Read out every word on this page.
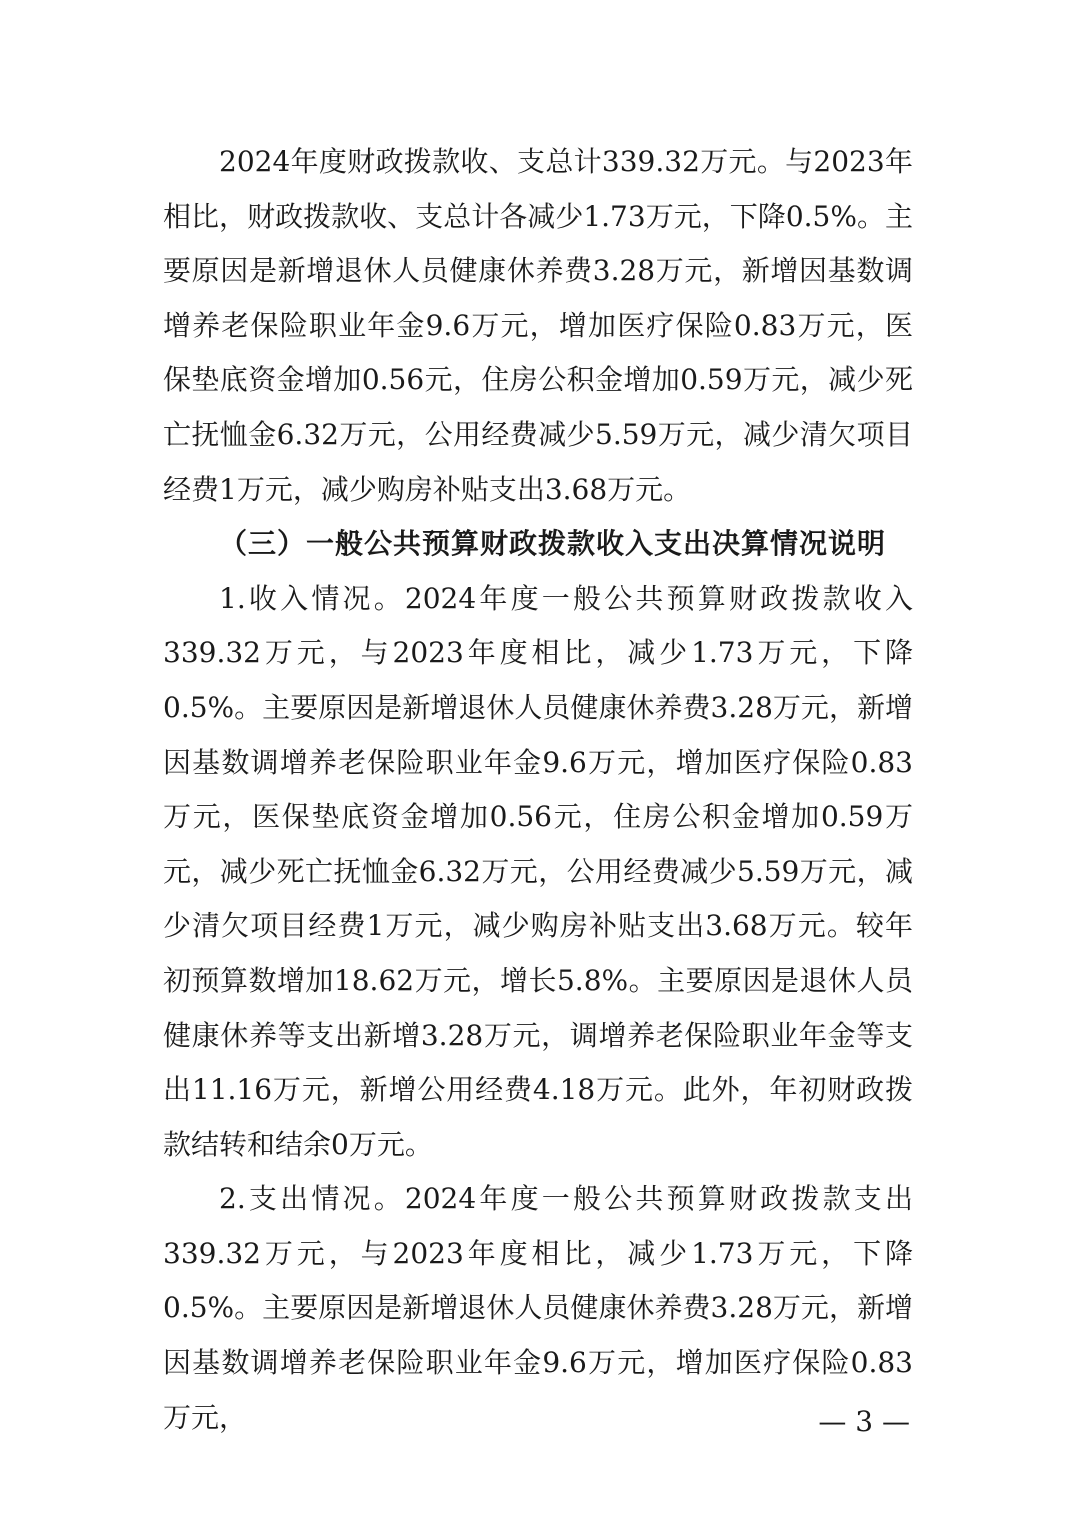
2024年度财政拨款收、支总计339.32万元。与2023年相比，财政拨款收、支总计各减少1.73万元，下降0.5%。主要原因是新增退休人员健康休养费3.28万元，新增因基数调增养老保险职业年金9.6万元，增加医疗保险0.83万元，医保垫底资金增加0.56元，住房公积金增加0.59万元，减少死亡抚恤金6.32万元，公用经费减少5.59万元，减少清欠项目经费1万元，减少购房补贴支出3.68万元。

（三）一般公共预算财政拨款收入支出决算情况说明

1.收入情况。2024年度一般公共预算财政拨款收入339.32万元，与2023年度相比，减少1.73万元，下降0.5%。主要原因是新增退休人员健康休养费3.28万元，新增因基数调增养老保险职业年金9.6万元，增加医疗保险0.83万元，医保垫底资金增加0.56元，住房公积金增加0.59万元，减少死亡抚恤金6.32万元，公用经费减少5.59万元，减少清欠项目经费1万元，减少购房补贴支出3.68万元。较年初预算数增加18.62万元，增长5.8%。主要原因是退休人员健康休养等支出新增3.28万元，调增养老保险职业年金等支出11.16万元，新增公用经费4.18万元。此外，年初财政拨款结转和结余0万元。

2.支出情况。2024年度一般公共预算财政拨款支出339.32万元，与2023年度相比，减少1.73万元，下降0.5%。主要原因是新增退休人员健康休养费3.28万元，新增因基数调增养老保险职业年金9.6万元，增加医疗保险0.83万元，	— 3 —
